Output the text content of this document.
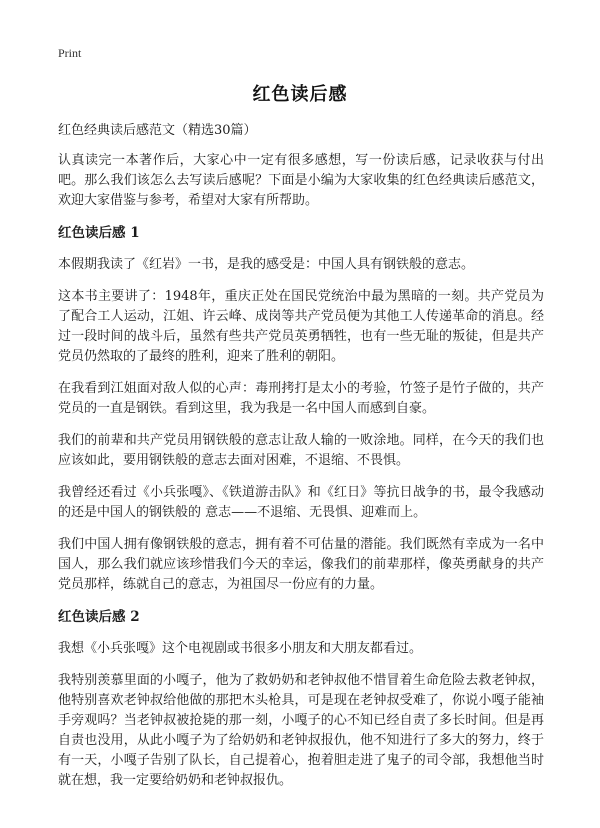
Print
红色读后感

红色经典读后感范文（精选30篇）

认真读完一本著作后，大家心中一定有很多感想，写一份读后感，记录收获与付出吧。那么我们该怎么去写读后感呢？下面是小编为大家收集的红色经典读后感范文，欢迎大家借鉴与参考，希望对大家有所帮助。

红色读后感 1

本假期我读了《红岩》一书，是我的感受是：中国人具有钢铁般的意志。

这本书主要讲了：1948年，重庆正处在国民党统治中最为黑暗的一刻。共产党员为了配合工人运动，江姐、许云峰、成岗等共产党员便为其他工人传递革命的消息。经过一段时间的战斗后，虽然有些共产党员英勇牺牲，也有一些无耻的叛徒，但是共产党员仍然取的了最终的胜利，迎来了胜利的朝阳。

在我看到江姐面对敌人似的心声：毒刑拷打是太小的考验，竹签子是竹子做的，共产党员的一直是钢铁。看到这里，我为我是一名中国人而感到自豪。

我们的前辈和共产党员用钢铁般的意志让敌人输的一败涂地。同样，在今天的我们也应该如此，要用钢铁般的意志去面对困难，不退缩、不畏惧。

我曾经还看过《小兵张嘎》、《铁道游击队》和《红日》等抗日战争的书，最令我感动的还是中国人的钢铁般的 意志——不退缩、无畏惧、迎难而上。

我们中国人拥有像钢铁般的意志，拥有着不可估量的潜能。我们既然有幸成为一名中国人，那么我们就应该珍惜我们今天的幸运，像我们的前辈那样，像英勇献身的共产党员那样，练就自己的意志，为祖国尽一份应有的力量。

红色读后感 2

我想《小兵张嘎》这个电视剧或书很多小朋友和大朋友都看过。

我特别羡慕里面的小嘎子，他为了救奶奶和老钟叔他不惜冒着生命危险去救老钟叔，他特别喜欢老钟叔给他做的那把木头枪具，可是现在老钟叔受难了，你说小嘎子能袖手旁观吗？当老钟叔被抢毙的那一刻，小嘎子的心不知已经自责了多长时间。但是再自责也没用，从此小嘎子为了给奶奶和老钟叔报仇，他不知进行了多大的努力，终于有一天，小嘎子告别了队长，自己提着心，抱着胆走进了鬼子的司令部，我想他当时就在想，我一定要给奶奶和老钟叔报仇。
